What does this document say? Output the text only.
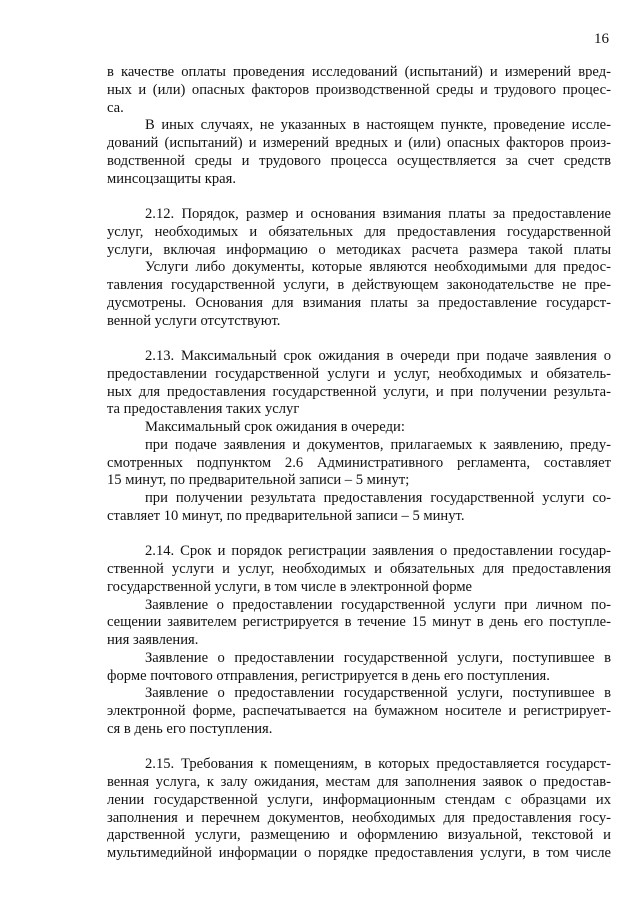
16
в качестве оплаты проведения исследований (испытаний) и измерений вред-
ных и (или) опасных факторов производственной среды и трудового процес-
са.
В иных случаях, не указанных в настоящем пункте, проведение иссле-
дований (испытаний) и измерений вредных и (или) опасных факторов произ-
водственной среды и трудового процесса осуществляется за счет средств
минсоцзащиты края.
2.12. Порядок, размер и основания взимания платы за предоставление
услуг, необходимых и обязательных для предоставления государственной
услуги, включая информацию о методиках расчета размера такой платы
Услуги либо документы, которые являются необходимыми для предос-
тавления государственной услуги, в действующем законодательстве не пре-
дусмотрены. Основания для взимания платы за предоставление государст-
венной услуги отсутствуют.
2.13. Максимальный срок ожидания в очереди при подаче заявления о
предоставлении государственной услуги и услуг, необходимых и обязатель-
ных для предоставления государственной услуги, и при получении результа-
та предоставления таких услуг
Максимальный срок ожидания в очереди:
при подаче заявления и документов, прилагаемых к заявлению, преду-
смотренных подпунктом 2.6 Административного регламента, составляет
15 минут, по предварительной записи – 5 минут;
при получении результата предоставления государственной услуги со-
ставляет 10 минут, по предварительной записи – 5 минут.
2.14. Срок и порядок регистрации заявления о предоставлении государ-
ственной услуги и услуг, необходимых и обязательных для предоставления
государственной услуги, в том числе в электронной форме
Заявление о предоставлении государственной услуги при личном по-
сещении заявителем регистрируется в течение 15 минут в день его поступле-
ния заявления.
Заявление о предоставлении государственной услуги, поступившее в
форме почтового отправления, регистрируется в день его поступления.
Заявление о предоставлении государственной услуги, поступившее в
электронной форме, распечатывается на бумажном носителе и регистрирует-
ся в день его поступления.
2.15. Требования к помещениям, в которых предоставляется государст-
венная услуга, к залу ожидания, местам для заполнения заявок о предостав-
лении государственной услуги, информационным стендам с образцами их
заполнения и перечнем документов, необходимых для предоставления госу-
дарственной услуги, размещению и оформлению визуальной, текстовой и
мультимедийной информации о порядке предоставления услуги, в том числе
